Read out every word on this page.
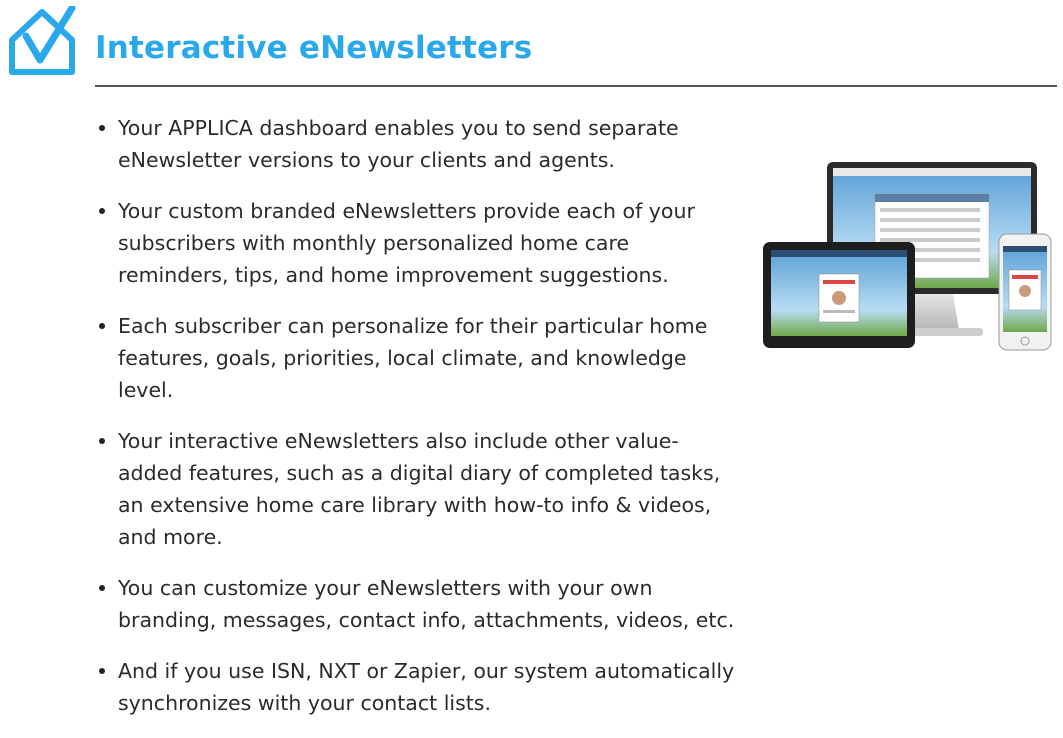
Interactive eNewsletters
Your APPLICA dashboard enables you to send separate eNewsletter versions to your clients and agents.
Your custom branded eNewsletters provide each of your subscribers with monthly personalized home care reminders, tips, and home improvement suggestions.
Each subscriber can personalize for their particular home features, goals, priorities, local climate, and knowledge level.
Your interactive eNewsletters also include other value-added features, such as a digital diary of completed tasks, an extensive home care library with how-to info & videos, and more.
You can customize your eNewsletters with your own branding, messages, contact info, attachments, videos, etc.
And if you use ISN, NXT or Zapier, our system automatically synchronizes with your contact lists.
